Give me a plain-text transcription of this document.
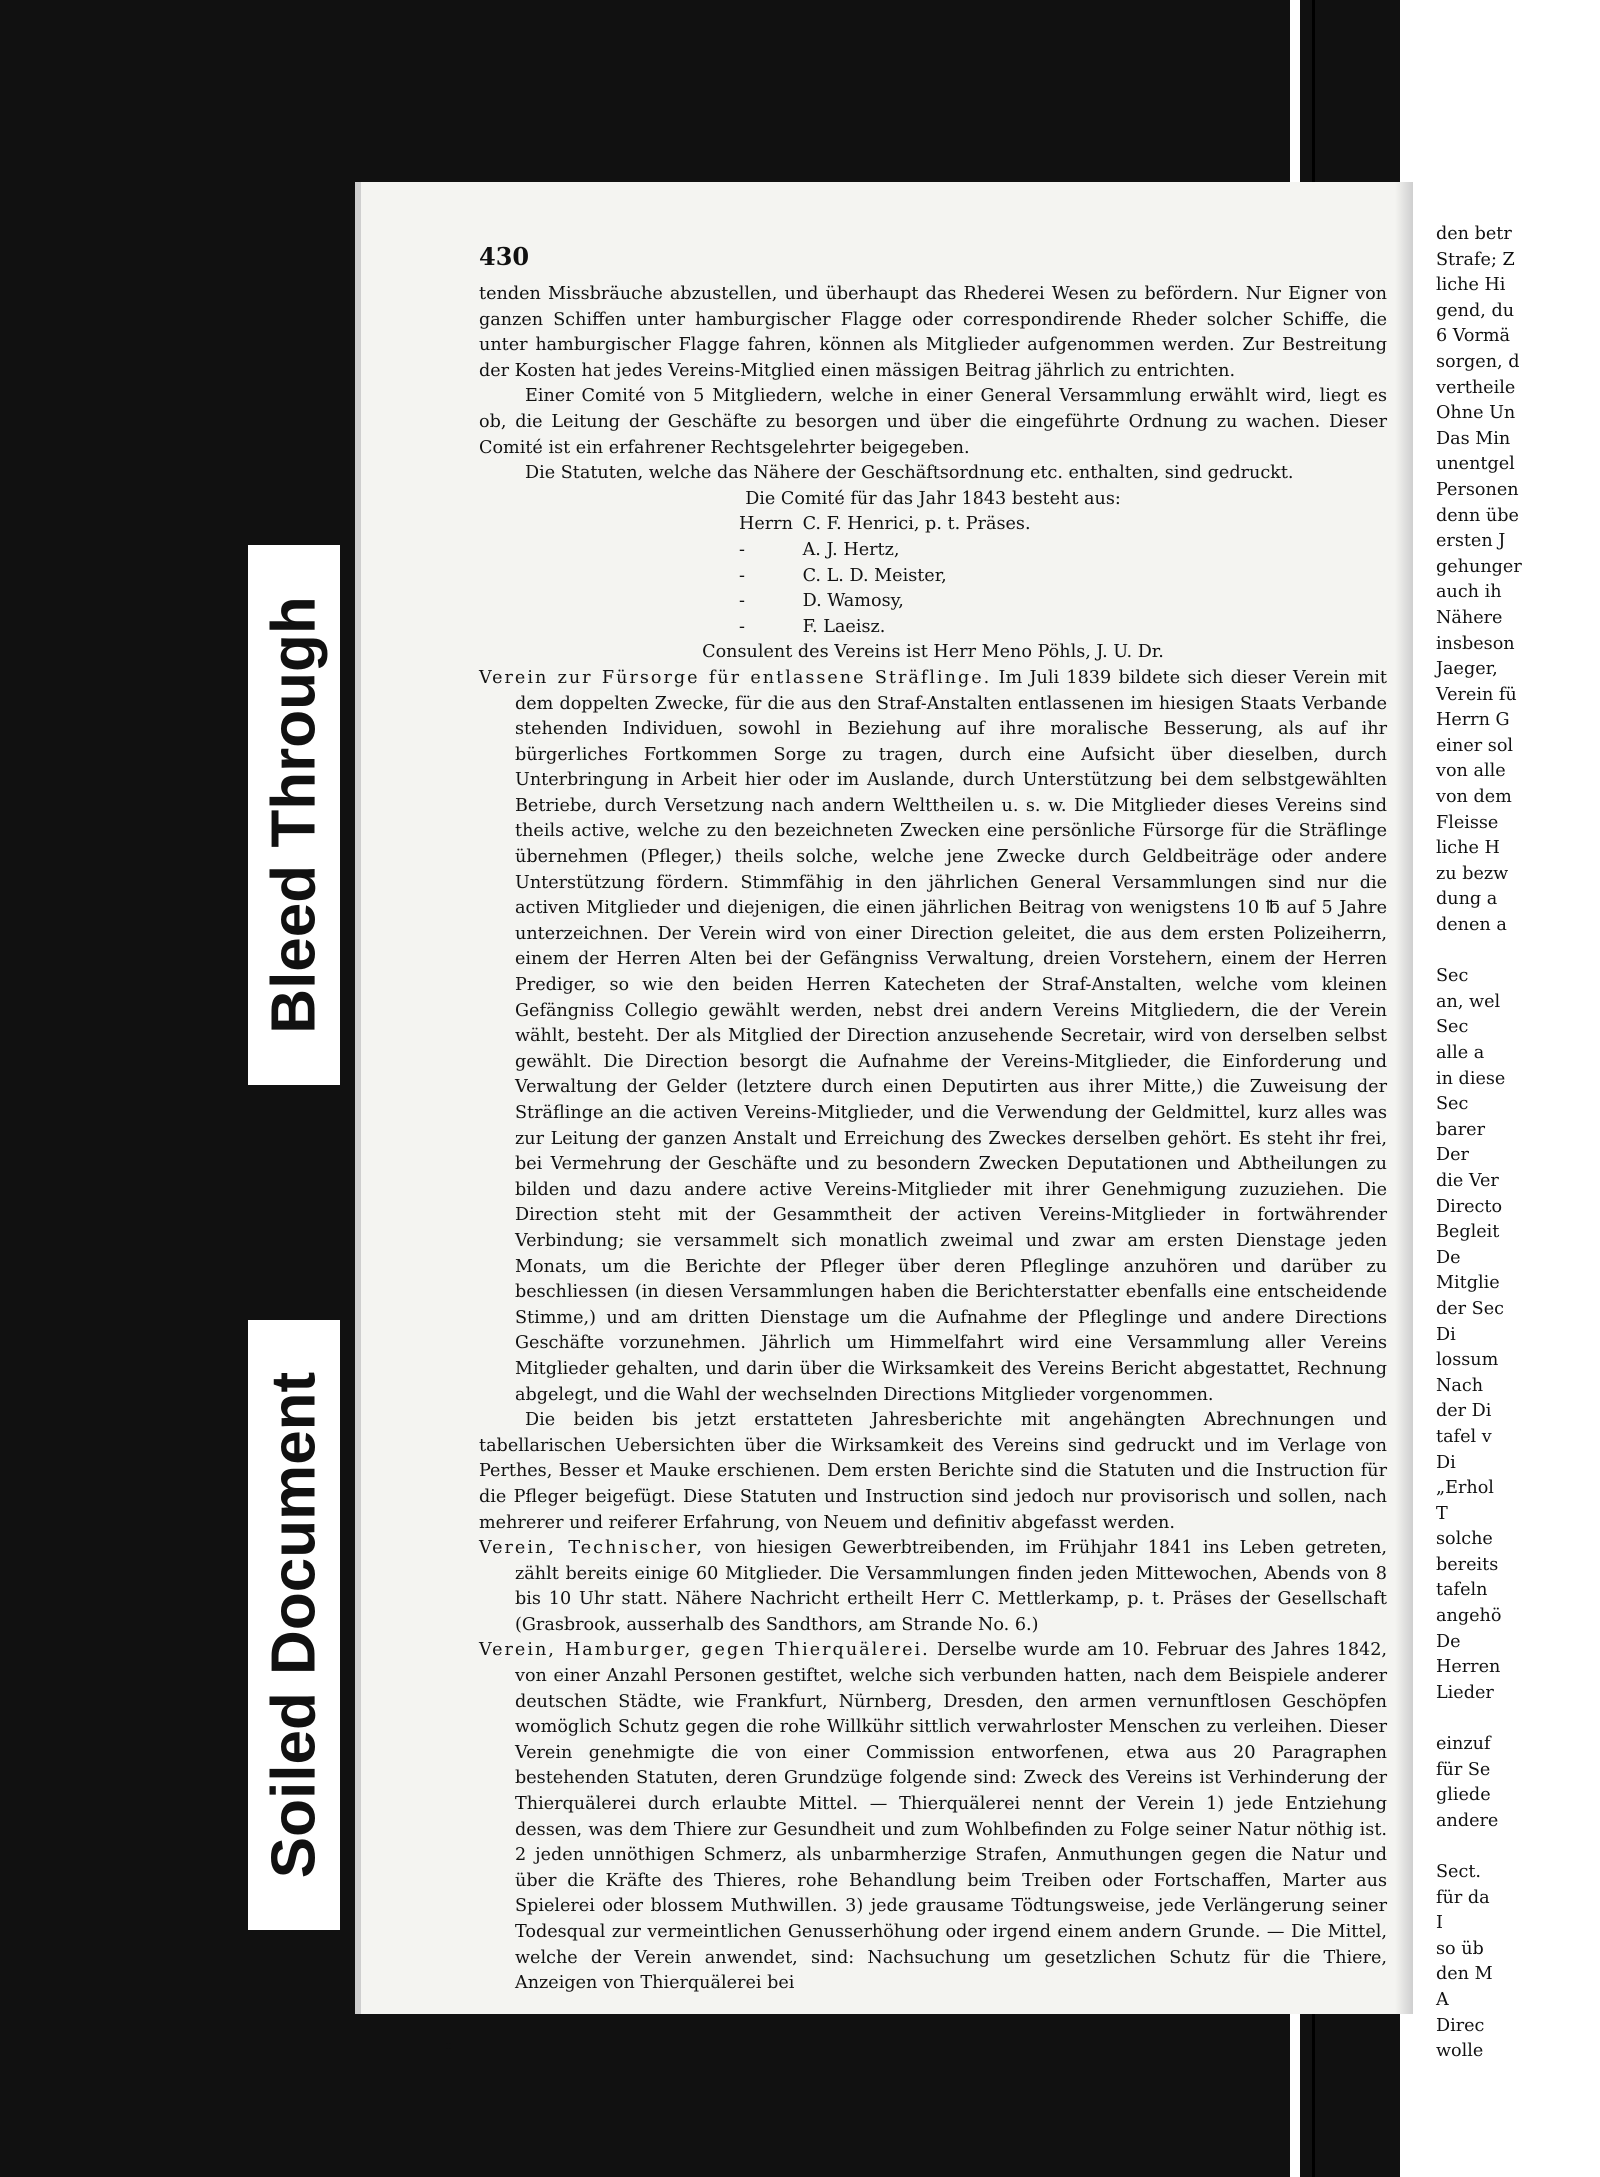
Bleed Through
Soiled Document
430

tenden Missbräuche abzustellen, und überhaupt das Rhederei Wesen zu befördern. Nur Eigner von ganzen Schiffen unter hamburgischer Flagge oder correspondirende Rheder solcher Schiffe, die unter hamburgischer Flagge fahren, können als Mitglieder aufgenommen werden. Zur Bestreitung der Kosten hat jedes Vereins-Mitglied einen mässigen Beitrag jährlich zu entrichten.

Einer Comité von 5 Mitgliedern, welche in einer General Versammlung erwählt wird, liegt es ob, die Leitung der Geschäfte zu besorgen und über die eingeführte Ordnung zu wachen. Dieser Comité ist ein erfahrener Rechtsgelehrter beigegeben.

Die Statuten, welche das Nähere der Geschäftsordnung etc. enthalten, sind gedruckt.

Die Comité für das Jahr 1843 besteht aus:

Herrn C. F. Henrici, p. t. Präses.
-	A. J. Hertz,
-	C. L. D. Meister,
-	D. Wamosy,
-	F. Laeisz.

Consulent des Vereins ist Herr Meno Pöhls, J. U. Dr.

Verein zur Fürsorge für entlassene Sträflinge. Im Juli 1839 bildete sich dieser Verein mit dem doppelten Zwecke, für die aus den Straf-Anstalten entlassenen im hiesigen Staats Verbande stehenden Individuen, sowohl in Beziehung auf ihre moralische Besserung, als auf ihr bürgerliches Fortkommen Sorge zu tragen, durch eine Aufsicht über dieselben, durch Unterbringung in Arbeit hier oder im Auslande, durch Unterstützung bei dem selbstgewählten Betriebe, durch Versetzung nach andern Welttheilen u. s. w. Die Mitglieder dieses Vereins sind theils active, welche zu den bezeichneten Zwecken eine persönliche Fürsorge für die Sträflinge übernehmen (Pfleger,) theils solche, welche jene Zwecke durch Geldbeiträge oder andere Unterstützung fördern. Stimmfähig in den jährlichen General Versammlungen sind nur die activen Mitglieder und diejenigen, die einen jährlichen Beitrag von wenigstens 10 ℔ auf 5 Jahre unterzeichnen. Der Verein wird von einer Direction geleitet, die aus dem ersten Polizeiherrn, einem der Herren Alten bei der Gefängniss Verwaltung, dreien Vorstehern, einem der Herren Prediger, so wie den beiden Herren Katecheten der Straf-Anstalten, welche vom kleinen Gefängniss Collegio gewählt werden, nebst drei andern Vereins Mitgliedern, die der Verein wählt, besteht. Der als Mitglied der Direction anzusehende Secretair, wird von derselben selbst gewählt. Die Direction besorgt die Aufnahme der Vereins-Mitglieder, die Einforderung und Verwaltung der Gelder (letztere durch einen Deputirten aus ihrer Mitte,) die Zuweisung der Sträflinge an die activen Vereins-Mitglieder, und die Verwendung der Geldmittel, kurz alles was zur Leitung der ganzen Anstalt und Erreichung des Zweckes derselben gehört. Es steht ihr frei, bei Vermehrung der Geschäfte und zu besondern Zwecken Deputationen und Abtheilungen zu bilden und dazu andere active Vereins-Mitglieder mit ihrer Genehmigung zuzuziehen. Die Direction steht mit der Gesammtheit der activen Vereins-Mitglieder in fortwährender Verbindung; sie versammelt sich monatlich zweimal und zwar am ersten Dienstage jeden Monats, um die Berichte der Pfleger über deren Pfleglinge anzuhören und darüber zu beschliessen (in diesen Versammlungen haben die Berichterstatter ebenfalls eine entscheidende Stimme,) und am dritten Dienstage um die Aufnahme der Pfleglinge und andere Directions Geschäfte vorzunehmen. Jährlich um Himmelfahrt wird eine Versammlung aller Vereins Mitglieder gehalten, und darin über die Wirksamkeit des Vereins Bericht abgestattet, Rechnung abgelegt, und die Wahl der wechselnden Directions Mitglieder vorgenommen.

Die beiden bis jetzt erstatteten Jahresberichte mit angehängten Abrechnungen und tabellarischen Uebersichten über die Wirksamkeit des Vereins sind gedruckt und im Verlage von Perthes, Besser et Mauke erschienen. Dem ersten Berichte sind die Statuten und die Instruction für die Pfleger beigefügt. Diese Statuten und Instruction sind jedoch nur provisorisch und sollen, nach mehrerer und reiferer Erfahrung, von Neuem und definitiv abgefasst werden.

Verein, Technischer, von hiesigen Gewerbtreibenden, im Frühjahr 1841 ins Leben getreten, zählt bereits einige 60 Mitglieder. Die Versammlungen finden jeden Mittewochen, Abends von 8 bis 10 Uhr statt. Nähere Nachricht ertheilt Herr C. Mettlerkamp, p. t. Präses der Gesellschaft (Grasbrook, ausserhalb des Sandthors, am Strande No. 6.)

Verein, Hamburger, gegen Thierquälerei. Derselbe wurde am 10. Februar des Jahres 1842, von einer Anzahl Personen gestiftet, welche sich verbunden hatten, nach dem Beispiele anderer deutschen Städte, wie Frankfurt, Nürnberg, Dresden, den armen vernunftlosen Geschöpfen womöglich Schutz gegen die rohe Willkühr sittlich verwahrloster Menschen zu verleihen. Dieser Verein genehmigte die von einer Commission entworfenen, etwa aus 20 Paragraphen bestehenden Statuten, deren Grundzüge folgende sind: Zweck des Vereins ist Verhinderung der Thierquälerei durch erlaubte Mittel. — Thierquälerei nennt der Verein 1) jede Entziehung dessen, was dem Thiere zur Gesundheit und zum Wohlbefinden zu Folge seiner Natur nöthig ist. 2 jeden unnöthigen Schmerz, als unbarmherzige Strafen, Anmuthungen gegen die Natur und über die Kräfte des Thieres, rohe Behandlung beim Treiben oder Fortschaffen, Marter aus Spielerei oder blossem Muthwillen. 3) jede grausame Tödtungsweise, jede Verlängerung seiner Todesqual zur vermeintlichen Genusserhöhung oder irgend einem andern Grunde. — Die Mittel, welche der Verein anwendet, sind: Nachsuchung um gesetzlichen Schutz für die Thiere, Anzeigen von Thierquälerei bei

den betr
Strafe; Z
liche Hi
gend, du
6 Vormä
sorgen, d
vertheile
Ohne Un
Das Min
unentgel
Personen
denn übe
ersten J
gehunger
auch ih
Nähere
insbeson
Jaeger,
Verein fü
Herrn G
einer sol
von alle
von dem
Fleisse
liche H
zu bezw
dung a
denen a

Sec
an, wel
Sec
alle a
in diese
Sec
barer
Der
die Ver
Directo
Begleit
De
Mitglie
der Sec
Di
lossum
Nach
der Di
tafel v
Di
„Erhol
T
solche
bereits
tafeln
angehö
De
Herren
Lieder

einzuf
für Se
gliede
andere

Sect.
für da
I
so üb
den M
A
Direc
wolle
